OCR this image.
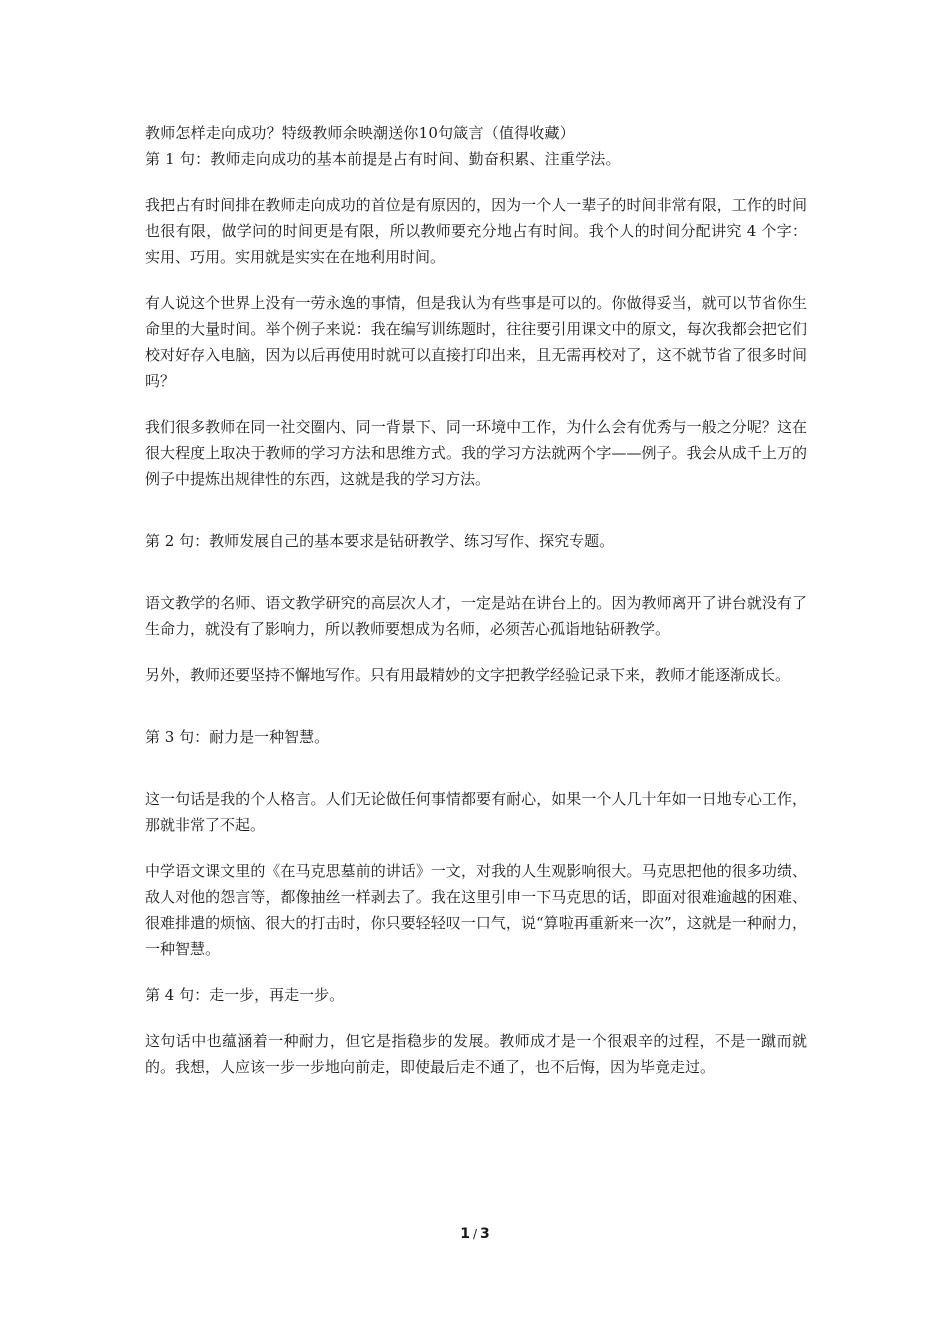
教师怎样走向成功？特级教师余映潮送你10句箴言（值得收藏）

第 1 句：教师走向成功的基本前提是占有时间、勤奋积累、注重学法。

我把占有时间排在教师走向成功的首位是有原因的，因为一个人一辈子的时间非常有限，工作的时间也很有限，做学问的时间更是有限，所以教师要充分地占有时间。我个人的时间分配讲究 4 个字：实用、巧用。实用就是实实在在地利用时间。

有人说这个世界上没有一劳永逸的事情，但是我认为有些事是可以的。你做得妥当，就可以节省你生命里的大量时间。举个例子来说：我在编写训练题时，往往要引用课文中的原文，每次我都会把它们校对好存入电脑，因为以后再使用时就可以直接打印出来，且无需再校对了，这不就节省了很多时间吗？

我们很多教师在同一社交圈内、同一背景下、同一环境中工作，为什么会有优秀与一般之分呢？这在很大程度上取决于教师的学习方法和思维方式。我的学习方法就两个字——例子。我会从成千上万的例子中提炼出规律性的东西，这就是我的学习方法。

第 2 句：教师发展自己的基本要求是钻研教学、练习写作、探究专题。

语文教学的名师、语文教学研究的高层次人才，一定是站在讲台上的。因为教师离开了讲台就没有了生命力，就没有了影响力，所以教师要想成为名师，必须苦心孤诣地钻研教学。

另外，教师还要坚持不懈地写作。只有用最精妙的文字把教学经验记录下来，教师才能逐渐成长。

第 3 句：耐力是一种智慧。

这一句话是我的个人格言。人们无论做任何事情都要有耐心，如果一个人几十年如一日地专心工作，那就非常了不起。

中学语文课文里的《在马克思墓前的讲话》一文，对我的人生观影响很大。马克思把他的很多功绩、敌人对他的怨言等，都像抽丝一样剥去了。我在这里引申一下马克思的话，即面对很难逾越的困难、很难排遣的烦恼、很大的打击时，你只要轻轻叹一口气，说“算啦再重新来一次”，这就是一种耐力，一种智慧。

第 4 句：走一步，再走一步。

这句话中也蕴涵着一种耐力，但它是指稳步的发展。教师成才是一个很艰辛的过程，不是一蹴而就的。我想，人应该一步一步地向前走，即使最后走不通了，也不后悔，因为毕竟走过。

1 / 3
